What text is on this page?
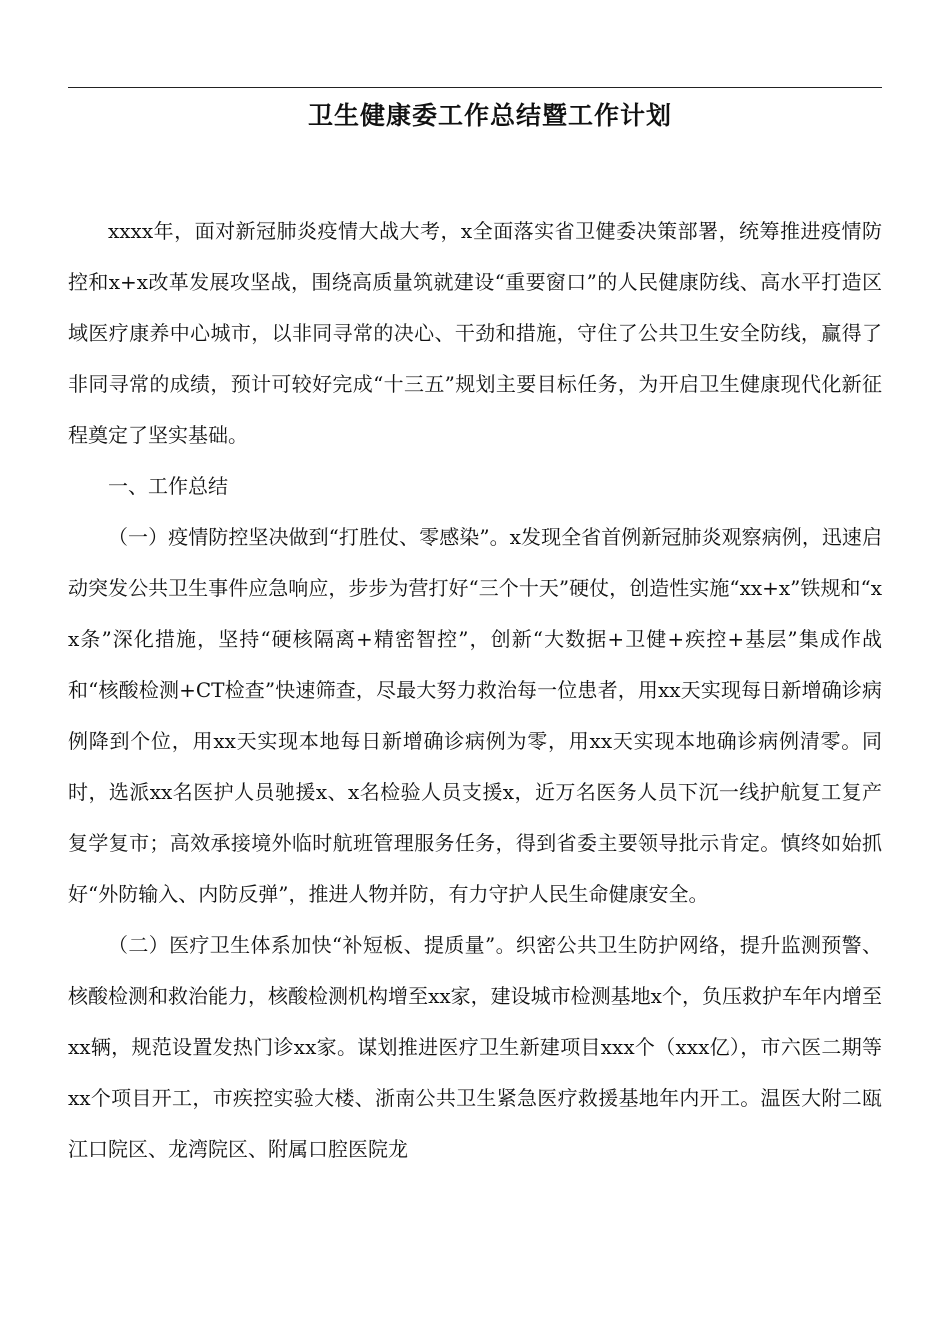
卫生健康委工作总结暨工作计划

xxxx年，面对新冠肺炎疫情大战大考，x全面落实省卫健委决策部署，统筹推进疫情防控和x+x改革发展攻坚战，围绕高质量筑就建设“重要窗口”的人民健康防线、高水平打造区域医疗康养中心城市，以非同寻常的决心、干劲和措施，守住了公共卫生安全防线，赢得了非同寻常的成绩，预计可较好完成“十三五”规划主要目标任务，为开启卫生健康现代化新征程奠定了坚实基础。

一、工作总结

（一）疫情防控坚决做到“打胜仗、零感染”。x发现全省首例新冠肺炎观察病例，迅速启动突发公共卫生事件应急响应，步步为营打好“三个十天”硬仗，创造性实施“xx+x”铁规和“xx条”深化措施，坚持“硬核隔离+精密智控”，创新“大数据+卫健+疾控+基层”集成作战和“核酸检测+CT检查”快速筛查，尽最大努力救治每一位患者，用xx天实现每日新增确诊病例降到个位，用xx天实现本地每日新增确诊病例为零，用xx天实现本地确诊病例清零。同时，选派xx名医护人员驰援x、x名检验人员支援x，近万名医务人员下沉一线护航复工复产复学复市；高效承接境外临时航班管理服务任务，得到省委主要领导批示肯定。慎终如始抓好“外防输入、内防反弹”，推进人物并防，有力守护人民生命健康安全。

（二）医疗卫生体系加快“补短板、提质量”。织密公共卫生防护网络，提升监测预警、核酸检测和救治能力，核酸检测机构增至xx家，建设城市检测基地x个，负压救护车年内增至xx辆，规范设置发热门诊xx家。谋划推进医疗卫生新建项目xxx个（xxx亿），市六医二期等xx个项目开工，市疾控实验大楼、浙南公共卫生紧急医疗救援基地年内开工。温医大附二瓯江口院区、龙湾院区、附属口腔医院龙
